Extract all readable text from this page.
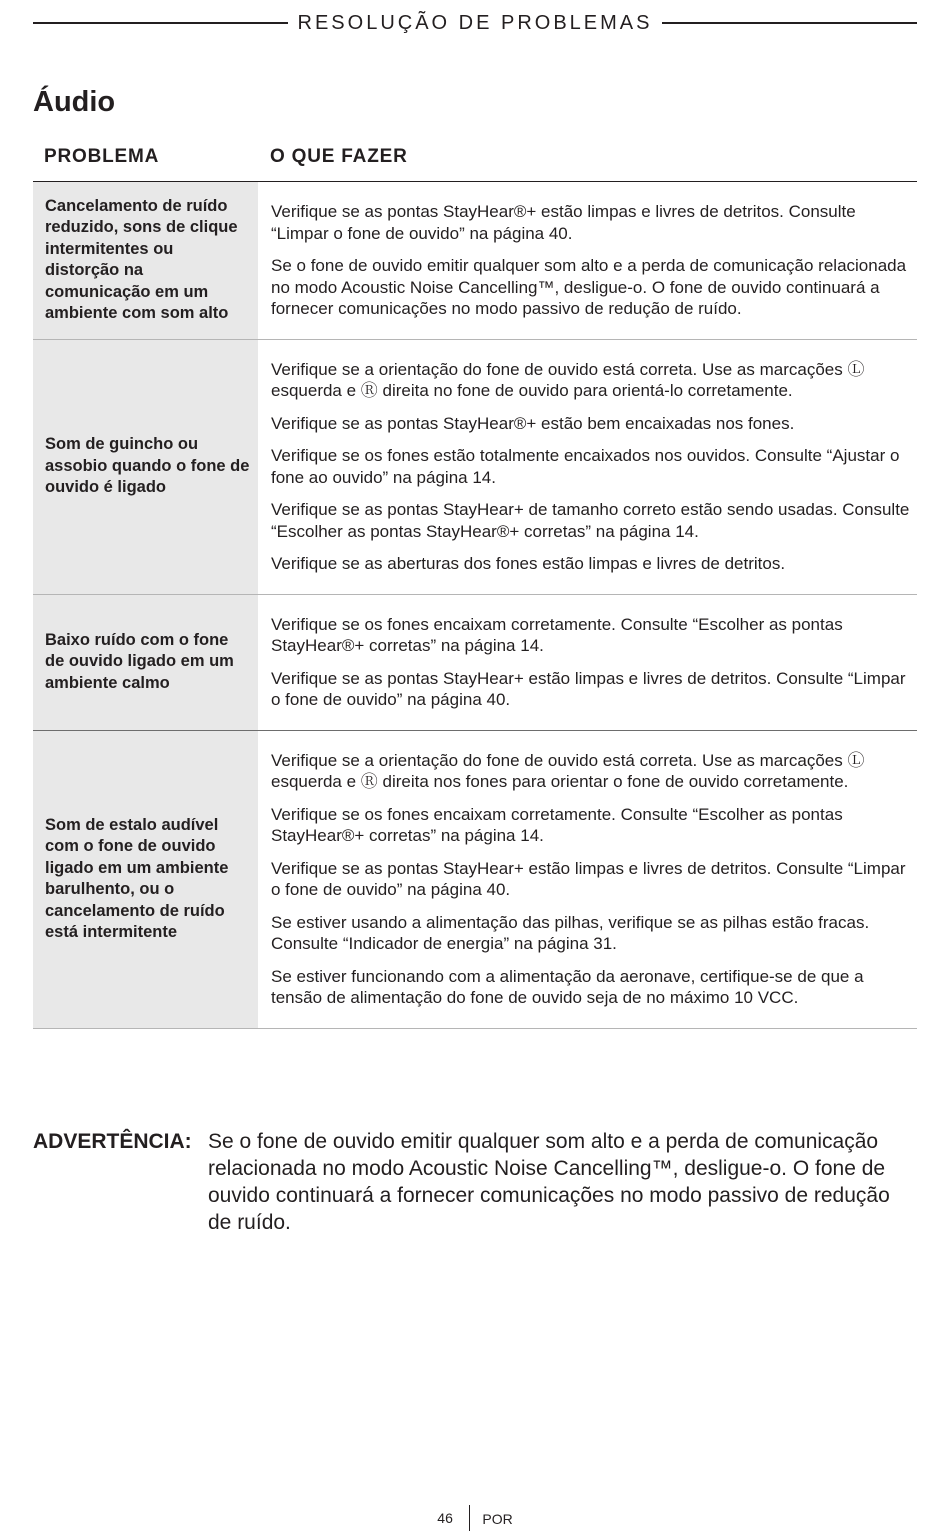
RESOLUÇÃO DE PROBLEMAS
Áudio
PROBLEMA	O QUE FAZER
Cancelamento de ruído reduzido, sons de clique intermitentes ou distorção na comunicação em um ambiente com som alto

Verifique se as pontas StayHear®+ estão limpas e livres de detritos. Consulte “Limpar o fone de ouvido” na página 40.

Se o fone de ouvido emitir qualquer som alto e a perda de comunicação relacionada no modo Acoustic Noise Cancelling™, desligue-o. O fone de ouvido continuará a fornecer comunicações no modo passivo de redução de ruído.

Som de guincho ou assobio quando o fone de ouvido é ligado

Verifique se a orientação do fone de ouvido está correta. Use as marcações Ⓛ esquerda e Ⓡ direita no fone de ouvido para orientá-lo corretamente.

Verifique se as pontas StayHear®+ estão bem encaixadas nos fones.

Verifique se os fones estão totalmente encaixados nos ouvidos. Consulte “Ajustar o fone ao ouvido” na página 14.

Verifique se as pontas StayHear+ de tamanho correto estão sendo usadas. Consulte “Escolher as pontas StayHear®+ corretas” na página 14.

Verifique se as aberturas dos fones estão limpas e livres de detritos.

Baixo ruído com o fone de ouvido ligado em um ambiente calmo

Verifique se os fones encaixam corretamente. Consulte “Escolher as pontas StayHear®+ corretas” na página 14.

Verifique se as pontas StayHear+ estão limpas e livres de detritos. Consulte “Limpar o fone de ouvido” na página 40.

Som de estalo audível com o fone de ouvido ligado em um ambiente barulhento, ou o cancelamento de ruído está intermitente

Verifique se a orientação do fone de ouvido está correta. Use as marcações Ⓛ esquerda e Ⓡ direita nos fones para orientar o fone de ouvido corretamente.

Verifique se os fones encaixam corretamente. Consulte “Escolher as pontas StayHear®+ corretas” na página 14.

Verifique se as pontas StayHear+ estão limpas e livres de detritos. Consulte “Limpar o fone de ouvido” na página 40.

Se estiver usando a alimentação das pilhas, verifique se as pilhas estão fracas. Consulte “Indicador de energia” na página 31.

Se estiver funcionando com a alimentação da aeronave, certifique-se de que a tensão de alimentação do fone de ouvido seja de no máximo 10 VCC.

ADVERTÊNCIA: Se o fone de ouvido emitir qualquer som alto e a perda de comunicação relacionada no modo Acoustic Noise Cancelling™, desligue-o. O fone de ouvido continuará a fornecer comunicações no modo passivo de redução de ruído.
46	POR
